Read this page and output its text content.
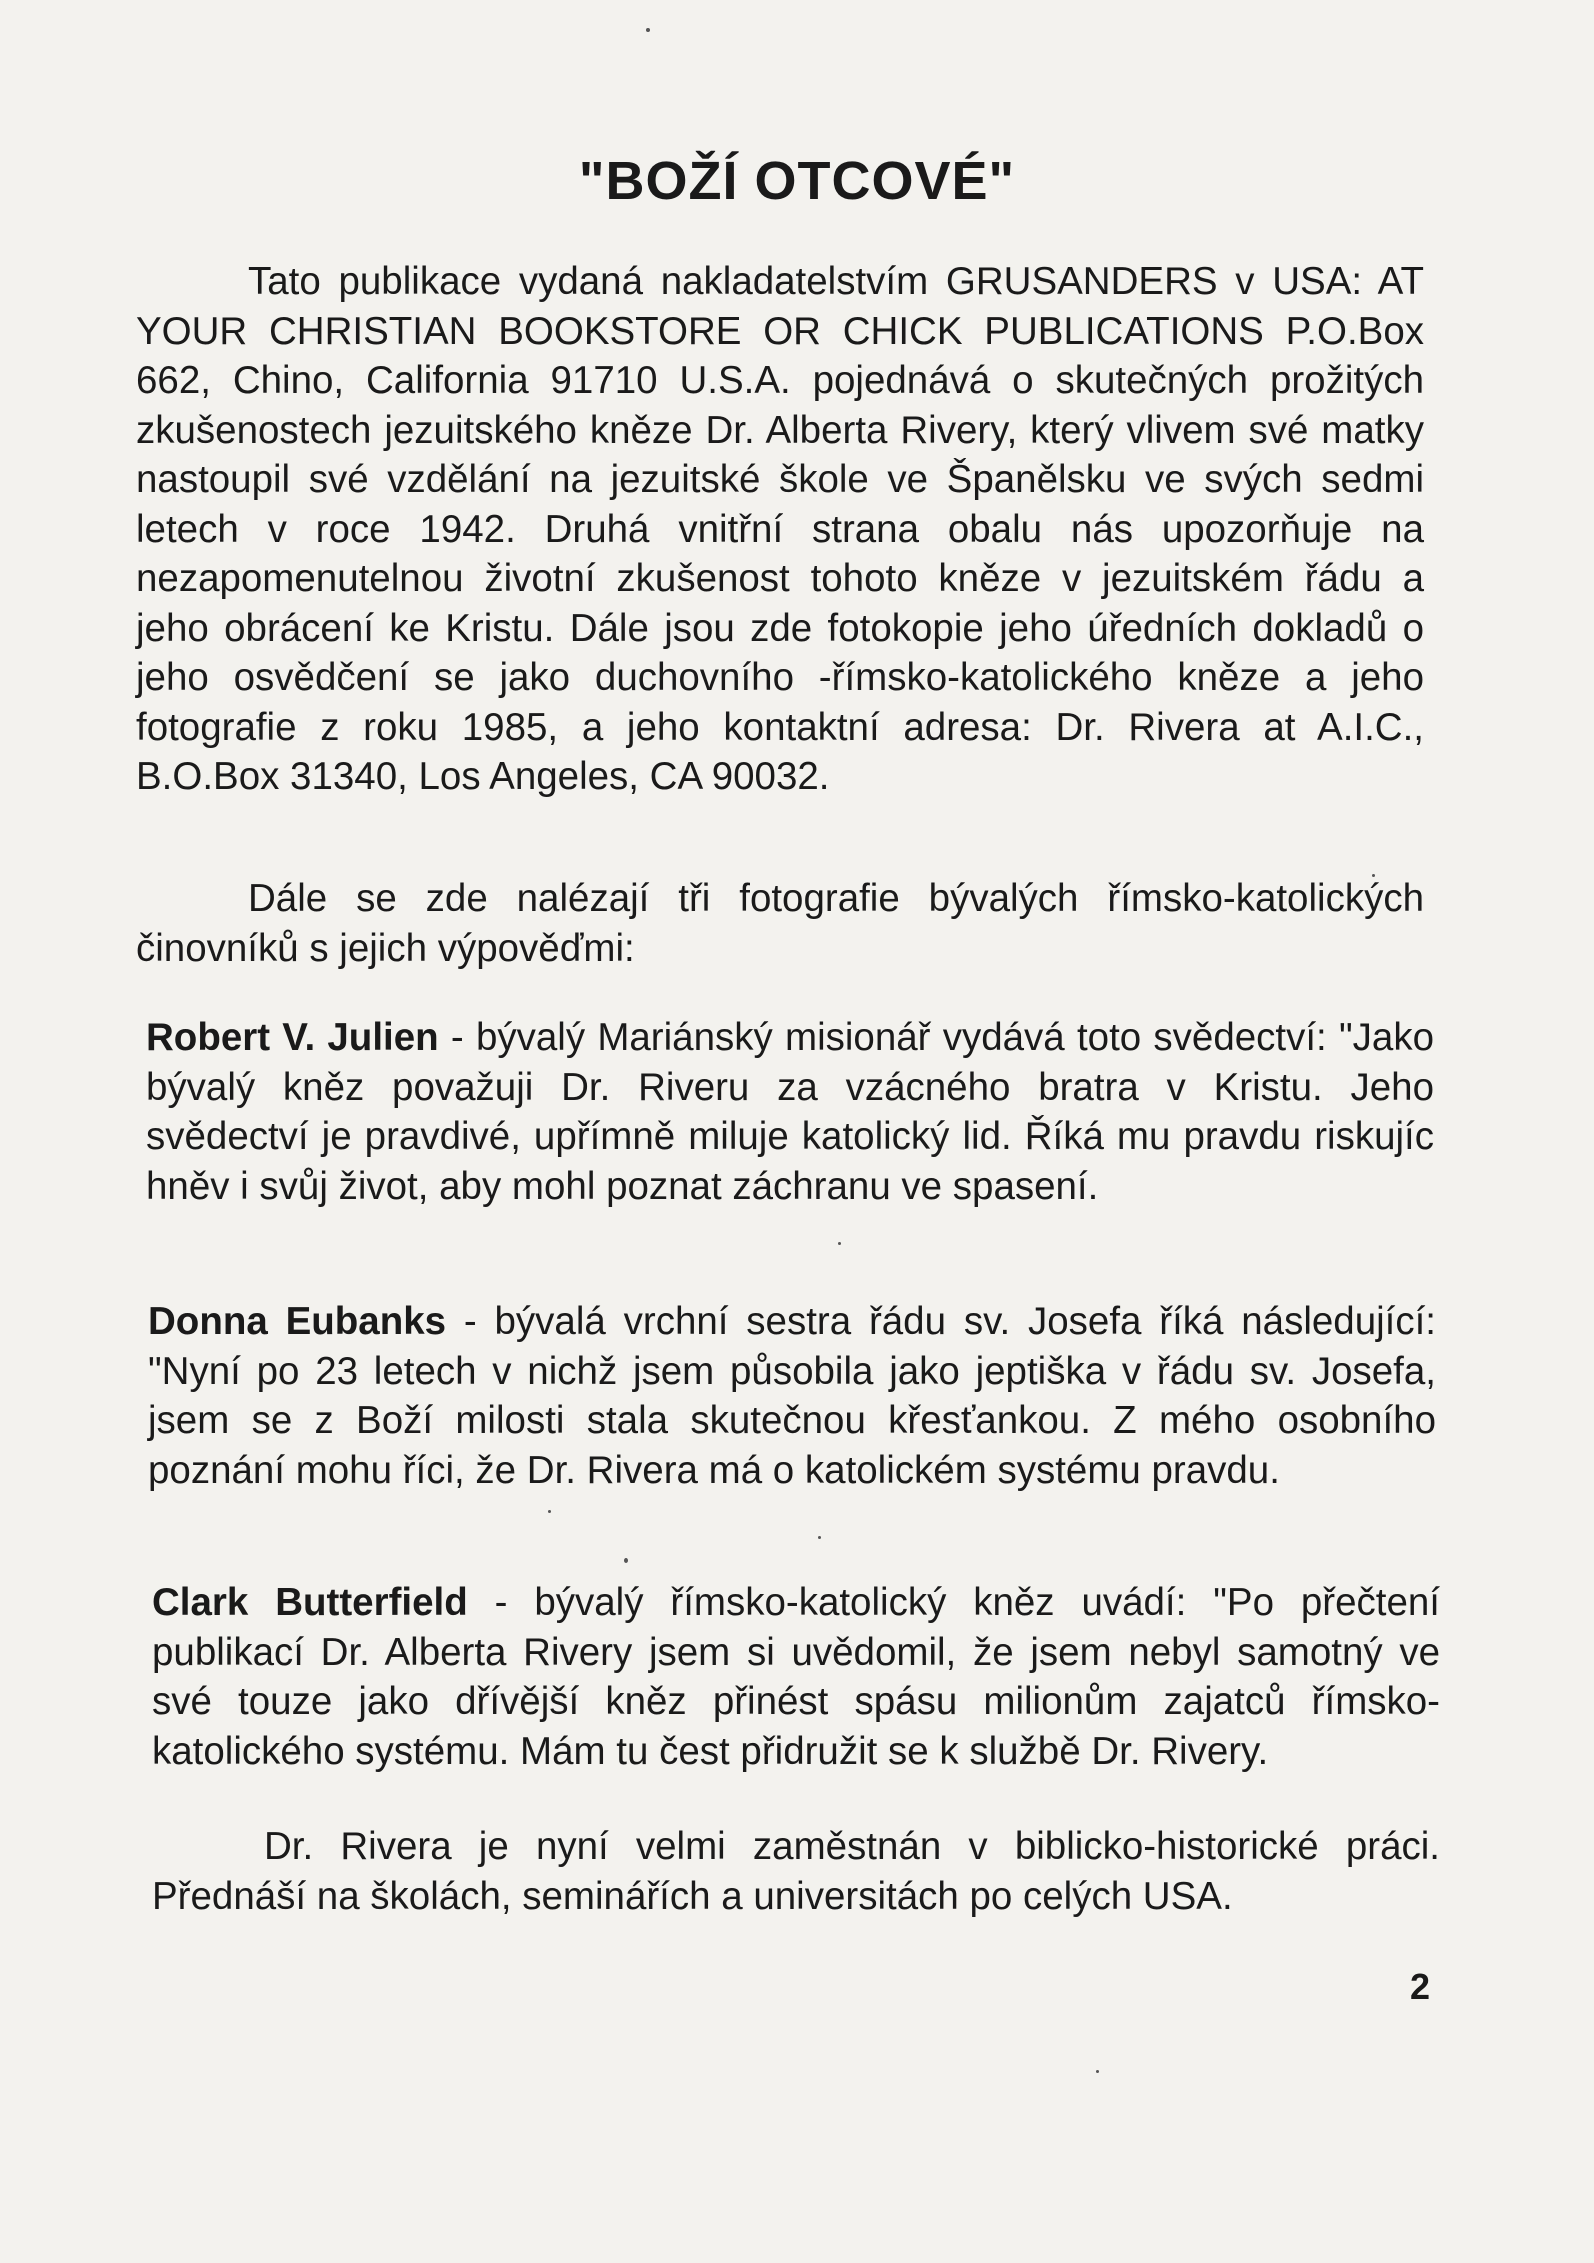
"BOŽÍ OTCOVÉ"

Tato publikace vydaná nakladatelstvím GRUSANDERS v USA: AT YOUR CHRISTIAN BOOKSTORE OR CHICK PUBLICATIONS P.O.Box 662, Chino, California 91710 U.S.A. pojednává o skutečných prožitých zkušenostech jezuitského kněze Dr. Alberta Rivery, který vlivem své matky nastoupil své vzdělání na jezuitské škole ve Španělsku ve svých sedmi letech v roce 1942. Druhá vnitřní strana obalu nás upozorňuje na nezapomenutelnou životní zkušenost tohoto kněze v jezuitském řádu a jeho obrácení ke Kristu. Dále jsou zde fotokopie jeho úředních dokladů o jeho osvědčení se jako duchovního -římsko-katolického kněze a jeho fotografie z roku 1985, a jeho kontaktní adresa: Dr. Rivera at A.I.C., B.O.Box 31340, Los Angeles, CA 90032.

Dále se zde nalézají tři fotografie bývalých římsko-katolických činovníků s jejich výpověďmi:

Robert V. Julien - bývalý Mariánský misionář vydává toto svědectví: "Jako bývalý kněz považuji Dr. Riveru za vzácného bratra v Kristu. Jeho svědectví je pravdivé, upřímně miluje katolický lid. Říká mu pravdu riskujíc hněv i svůj život, aby mohl poznat záchranu ve spasení.

Donna Eubanks - bývalá vrchní sestra řádu sv. Josefa říká následující: "Nyní po 23 letech v nichž jsem působila jako jeptiška v řádu sv. Josefa, jsem se z Boží milosti stala skutečnou křesťankou. Z mého osobního poznání mohu říci, že Dr. Rivera má o katolickém systému pravdu.

Clark Butterfield - bývalý římsko-katolický kněz uvádí: "Po přečtení publikací Dr. Alberta Rivery jsem si uvědomil, že jsem nebyl samotný ve své touze jako dřívější kněz přinést spásu milionům zajatců římsko-katolického systému. Mám tu čest přidružit se k službě Dr. Rivery.

Dr. Rivera je nyní velmi zaměstnán v biblicko-historické práci. Přednáší na školách, seminářích a universitách po celých USA.

2
